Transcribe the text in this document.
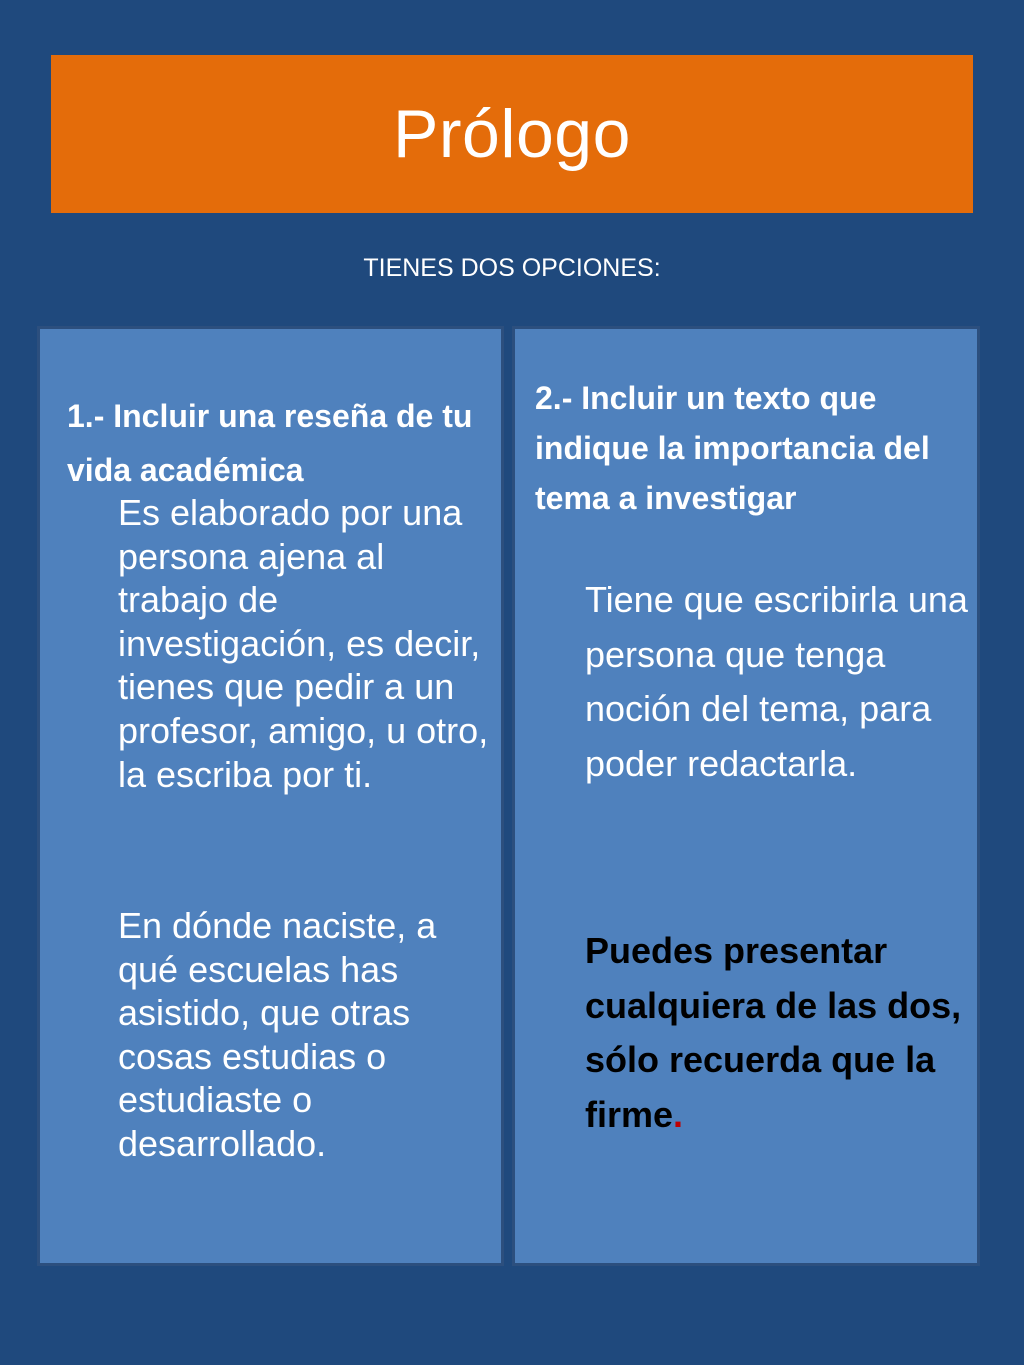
Prólogo
TIENES DOS OPCIONES:

1.- Incluir una reseña de tu vida académica

Es elaborado por una persona ajena al trabajo de investigación, es decir, tienes que pedir a un profesor, amigo, u otro, la escriba por ti.

En dónde naciste, a qué escuelas has asistido, que otras cosas estudias o estudiaste o desarrollado.

2.- Incluir un texto que indique la importancia del tema a investigar

Tiene que escribirla una persona que tenga noción del tema, para poder redactarla.

Puedes presentar cualquiera de las dos, sólo recuerda que la firme.
